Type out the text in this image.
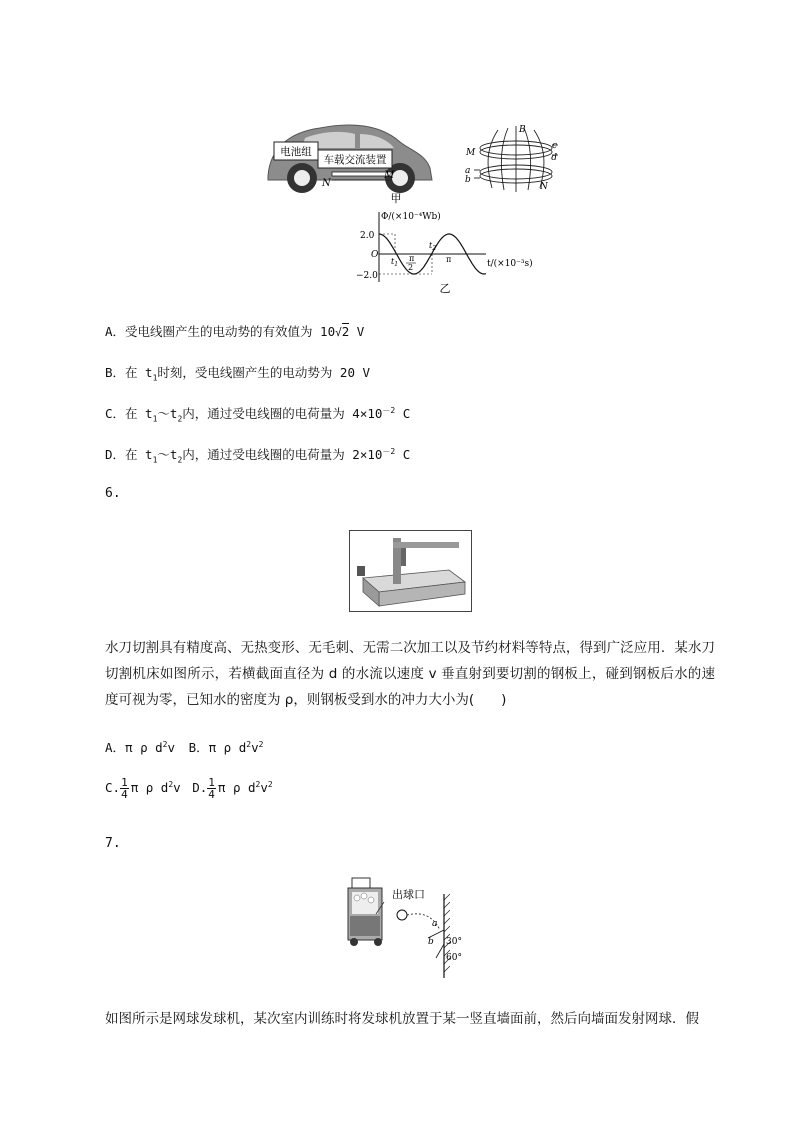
电池组
车载交流装置
N
M
甲
B
M
N
a
b
c
d
Φ/(×10⁻⁴Wb)
t/(×10⁻³s)
O
2.0
−2.0
$t_1$
$t_2$
π
2
π
乙
A．受电线圈产生的电动势的有效值为 10√2 V
B．在 $t_1$时刻，受电线圈产生的电动势为 20 V
C．在 $t_1\sim t_2$内，通过受电线圈的电荷量为 $4\times 10^{-2}$ C
D．在 $t_1\sim t_2$内，通过受电线圈的电荷量为 $2\times 10^{-2}$ C
6.
水刀切割具有精度高、无热变形、无毛刺、无需二次加工以及节约材料等特点，得到广泛应用．某水刀切割机床如图所示，若横截面直径为 d 的水流以速度 v 垂直射到要切割的钢板上，碰到钢板后水的速度可视为零，已知水的密度为 ρ，则钢板受到水的冲力大小为(　　)
A．π ρ $d^2v$ B．π ρ $d^2v^2$
C. $\frac{1}{4}$ π ρ $d^2v$ D. $\frac{1}{4}$ π ρ $d^2v^2$
7.
出球口
a
b 30°
60°
如图所示是网球发球机，某次室内训练时将发球机放置于某一竖直墙面前，然后向墙面发射网球．假
